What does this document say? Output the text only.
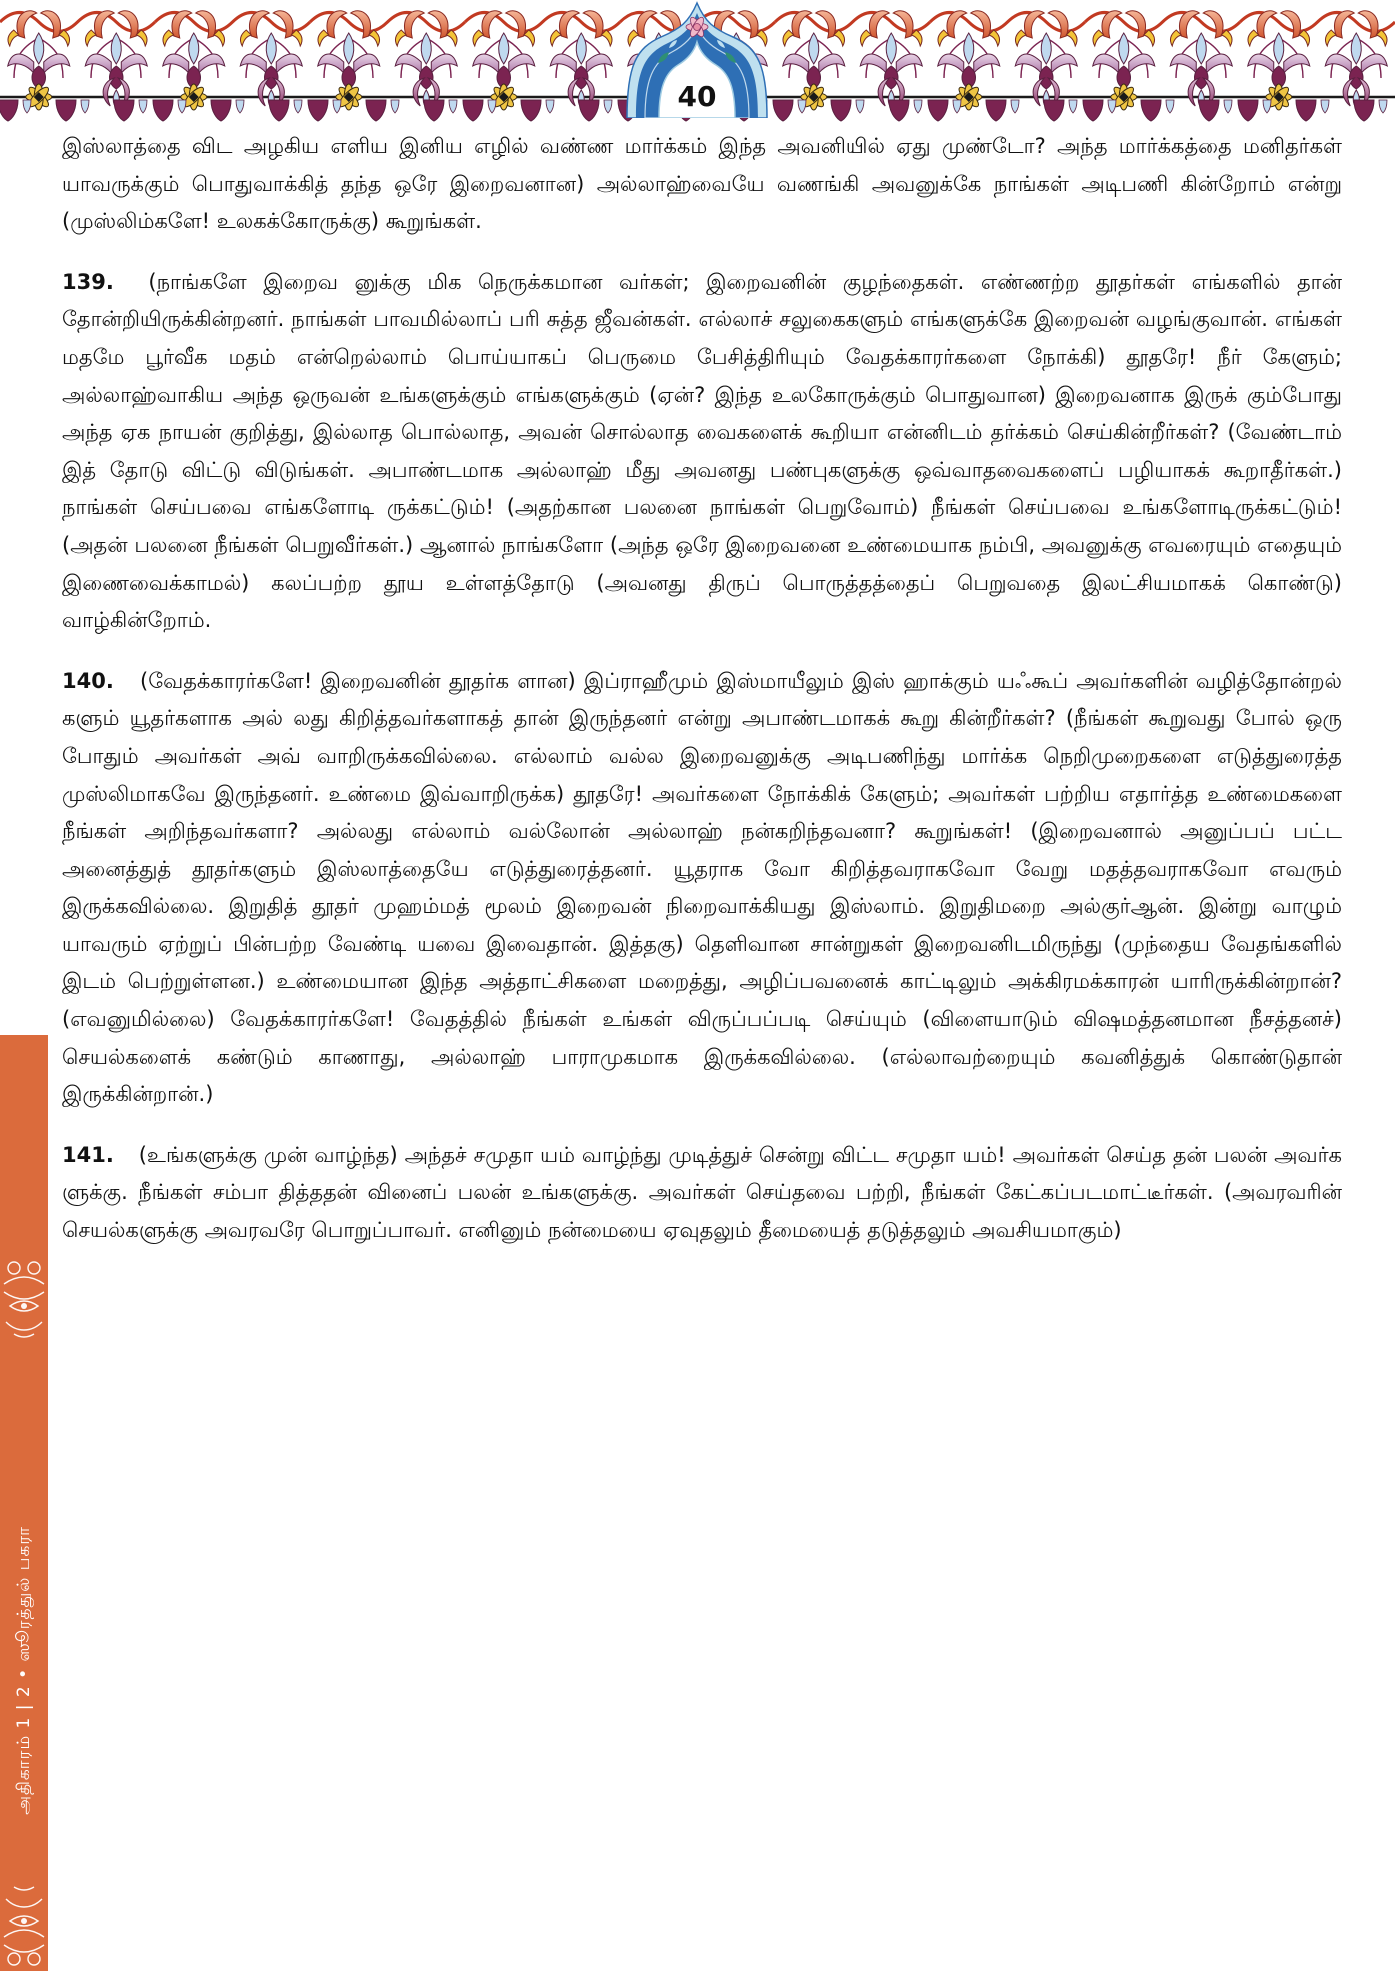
40

இஸ்லாத்தை விட அழகிய எளிய இனிய எழில் வண்ண மார்க்கம் இந்த அவனியில் ஏது முண்டோ? அந்த மார்க்கத்தை மனிதர்கள் யாவருக்கும் பொதுவாக்கித் தந்த ஒரே இறைவனான) அல்லாஹ்வையே வணங்கி அவனுக்கே நாங்கள் அடிபணி கின்றோம் என்று (முஸ்லிம்களே! உலகக்கோருக்கு) கூறுங்கள்.

139. (நாங்களே இறைவ னுக்கு மிக நெருக்கமான வர்கள்; இறைவனின் குழந்தைகள். எண்ணற்ற தூதர்கள் எங்களில் தான் தோன்றியிருக்கின்றனர். நாங்கள் பாவமில்லாப் பரி சுத்த ஜீவன்கள். எல்லாச் சலுகைகளும் எங்களுக்கே இறைவன் வழங்குவான். எங்கள் மதமே பூர்வீக மதம் என்றெல்லாம் பொய்யாகப் பெருமை பேசித்திரியும் வேதக்காரர்களை நோக்கி) தூதரே! நீர் கேளும்; அல்லாஹ்வாகிய அந்த ஒருவன் உங்களுக்கும் எங்களுக்கும் (ஏன்? இந்த உலகோருக்கும் பொதுவான) இறைவனாக இருக் கும்போது அந்த ஏக நாயன் குறித்து, இல்லாத பொல்லாத, அவன் சொல்லாத வைகளைக் கூறியா என்னிடம் தர்க்கம் செய்கின்றீர்கள்? (வேண்டாம் இத் தோடு விட்டு விடுங்கள். அபாண்டமாக அல்லாஹ் மீது அவனது பண்புகளுக்கு ஒவ்வாதவைகளைப் பழியாகக் கூறாதீர்கள்.) நாங்கள் செய்பவை எங்களோடி ருக்கட்டும்! (அதற்கான பலனை நாங்கள் பெறுவோம்) நீங்கள் செய்பவை உங்களோடிருக்கட்டும்! (அதன் பலனை நீங்கள் பெறுவீர்கள்.) ஆனால் நாங்களோ (அந்த ஒரே இறைவனை உண்மையாக நம்பி, அவனுக்கு எவரையும் எதையும் இணைவைக்காமல்) கலப்பற்ற தூய உள்ளத்தோடு (அவனது திருப் பொருத்தத்தைப் பெறுவதை இலட்சியமாகக் கொண்டு) வாழ்கின்றோம்.

140. (வேதக்காரர்களே! இறைவனின் தூதர்க ளான) இப்ராஹீமும் இஸ்மாயீலும் இஸ் ஹாக்கும் யஃகூப் அவர்களின் வழித்தோன்றல் களும் யூதர்களாக அல் லது கிறித்தவர்களாகத் தான் இருந்தனர் என்று அபாண்டமாகக் கூறு கின்றீர்கள்? (நீங்கள் கூறுவது போல் ஒரு போதும் அவர்கள் அவ் வாறிருக்கவில்லை. எல்லாம் வல்ல இறைவனுக்கு அடிபணிந்து மார்க்க நெறிமுறைகளை எடுத்துரைத்த முஸ்லிமாகவே இருந்தனர். உண்மை இவ்வாறிருக்க) தூதரே! அவர்களை நோக்கிக் கேளும்; அவர்கள் பற்றிய எதார்த்த உண்மைகளை நீங்கள் அறிந்தவர்களா? அல்லது எல்லாம் வல்லோன் அல்லாஹ் நன்கறிந்தவனா? கூறுங்கள்! (இறைவனால் அனுப்பப் பட்ட அனைத்துத் தூதர்களும் இஸ்லாத்தையே எடுத்துரைத்தனர். யூதராக வோ கிறித்தவராகவோ வேறு மதத்தவராகவோ எவரும் இருக்கவில்லை. இறுதித் தூதர் முஹம்மத் மூலம் இறைவன் நிறைவாக்கியது இஸ்லாம். இறுதிமறை அல்குர்ஆன். இன்று வாழும் யாவரும் ஏற்றுப் பின்பற்ற வேண்டி யவை இவைதான். இத்தகு) தெளிவான சான்றுகள் இறைவனிடமிருந்து (முந்தைய வேதங்களில் இடம் பெற்றுள்ளன.) உண்மையான இந்த அத்தாட்சிகளை மறைத்து, அழிப்பவனைக் காட்டிலும் அக்கிரமக்காரன் யாரிருக்கின்றான்? (எவனுமில்லை) வேதக்காரர்களே! வேதத்தில் நீங்கள் உங்கள் விருப்பப்படி செய்யும் (விளையாடும் விஷமத்தனமான நீசத்தனச்) செயல்களைக் கண்டும் காணாது, அல்லாஹ் பாராமுகமாக இருக்கவில்லை. (எல்லாவற்றையும் கவனித்துக் கொண்டுதான் இருக்கின்றான்.)

141. (உங்களுக்கு முன் வாழ்ந்த) அந்தச் சமுதா யம் வாழ்ந்து முடித்துச் சென்று விட்ட சமுதா யம்! அவர்கள் செய்த தன் பலன் அவர்க ளுக்கு. நீங்கள் சம்பா தித்ததன் வினைப் பலன் உங்களுக்கு. அவர்கள் செய்தவை பற்றி, நீங்கள் கேட்கப்படமாட்டீர்கள். (அவரவரின் செயல்களுக்கு அவரவரே பொறுப்பாவர். எனினும் நன்மையை ஏவுதலும் தீமையைத் தடுத்தலும் அவசியமாகும்)

அதிகாரம் 1 | 2 • ஸூரத்துல் பகரா
